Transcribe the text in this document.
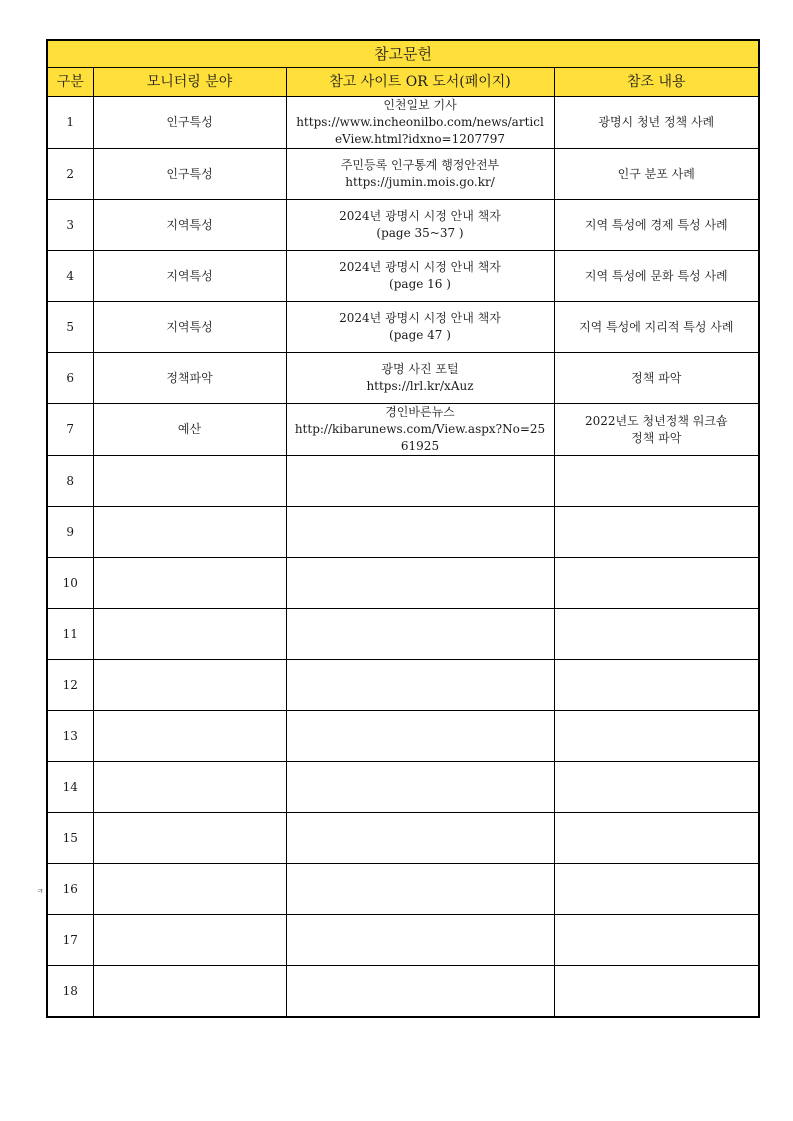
참고문헌			
구분	모니터링 분야	참고 사이트 OR 도서(페이지)	참조 내용
1	인구특성	인천일보 기사
https://www.incheonilbo.com/news/articl
eView.html?idxno=1207797	광명시 청년 정책 사례

2	인구특성	주민등록 인구통계 행정안전부
https://jumin.mois.go.kr/	인구 분포 사례

3	지역특성	2024년 광명시 시정 안내 책자
(page 35~37 )	지역 특성에 경제 특성 사례

4	지역특성	2024년 광명시 시정 안내 책자
(page 16 )	지역 특성에 문화 특성 사례

5	지역특성	2024년 광명시 시정 안내 책자
(page 47 )	지역 특성에 지리적 특성 사례

6	정책파악	광명 사진 포털
https://lrl.kr/xAuz	정책 파악

7	예산	경인바른뉴스
http://kibarunews.com/View.aspx?No=25
61925	2022년도 청년정책 워크숍
정책 파악

8			
9			
10			
11			
12			
13			
14			
15			
16			
17			
18			
ㅋ
